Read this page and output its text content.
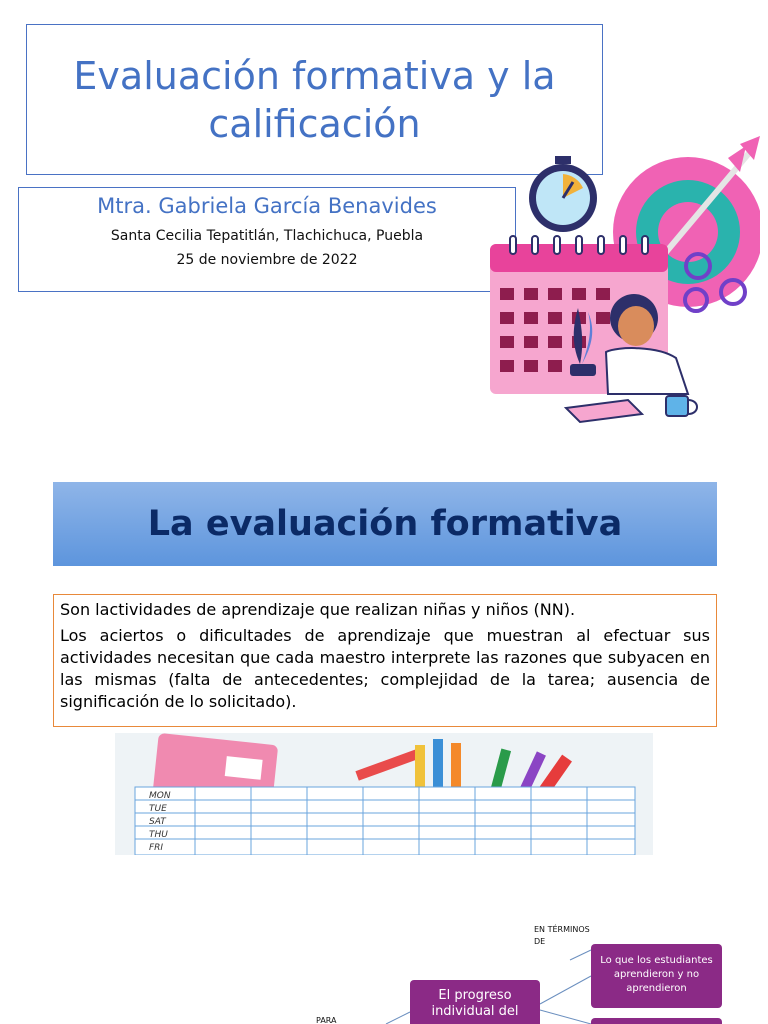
Evaluación formativa y la calificación
Mtra. Gabriela García Benavides
Santa Cecilia Tepatitlán, Tlachichuca, Puebla
25 de noviembre de 2022
La evaluación formativa

Son lactividades de aprendizaje que realizan niñas y niños (NN).

Los aciertos o dificultades de aprendizaje que muestran al efectuar sus actividades necesitan que cada maestro interprete las razones que subyacen en las mismas (falta de antecedentes; complejidad de la tarea; ausencia de significación de lo solicitado).

MON
TUE
SAT
THU
FRI
EN TÉRMINOS DE
PARA
El progreso individual del
Lo que los estudiantes aprendieron y no aprendieron
